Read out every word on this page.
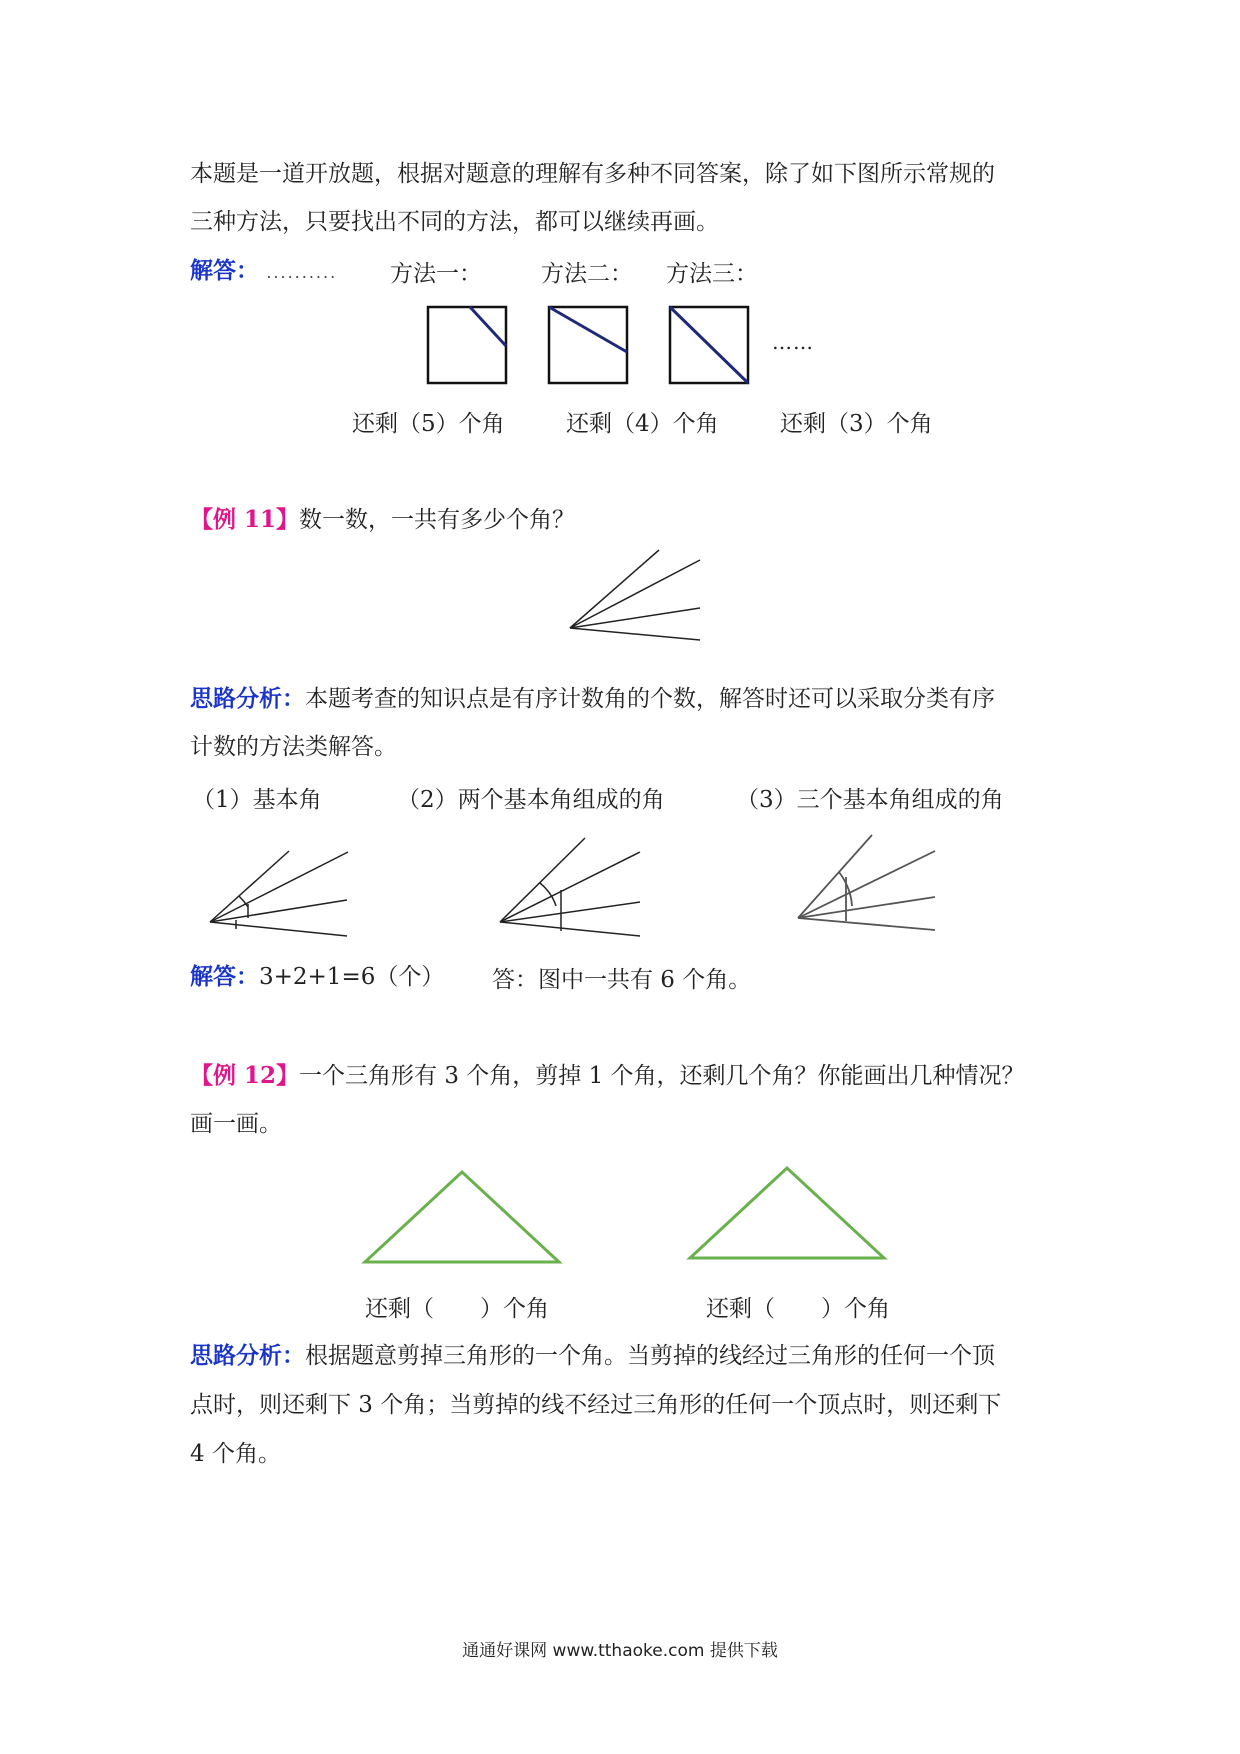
本题是一道开放题，根据对题意的理解有多种不同答案，除了如下图所示常规的
三种方法，只要找出不同的方法，都可以继续再画。
解答： .......... 方法一：	方法二： 方法三：
……
还剩（5）个角	还剩（4）个角	还剩（3）个角
【例 11】数一数，一共有多少个角？
思路分析：本题考查的知识点是有序计数角的个数，解答时还可以采取分类有序
计数的方法类解答。
（1）基本角	（2）两个基本角组成的角	（3）三个基本角组成的角
解答：3+2+1=6（个） 答：图中一共有 6 个角。
【例 12】一个三角形有 3 个角，剪掉 1 个角，还剩几个角？你能画出几种情况？
画一画。
还剩（　　）个角	还剩（　　）个角
思路分析：根据题意剪掉三角形的一个角。当剪掉的线经过三角形的任何一个顶
点时，则还剩下 3 个角；当剪掉的线不经过三角形的任何一个顶点时，则还剩下
4 个角。
通通好课网 www.tthaoke.com 提供下载
